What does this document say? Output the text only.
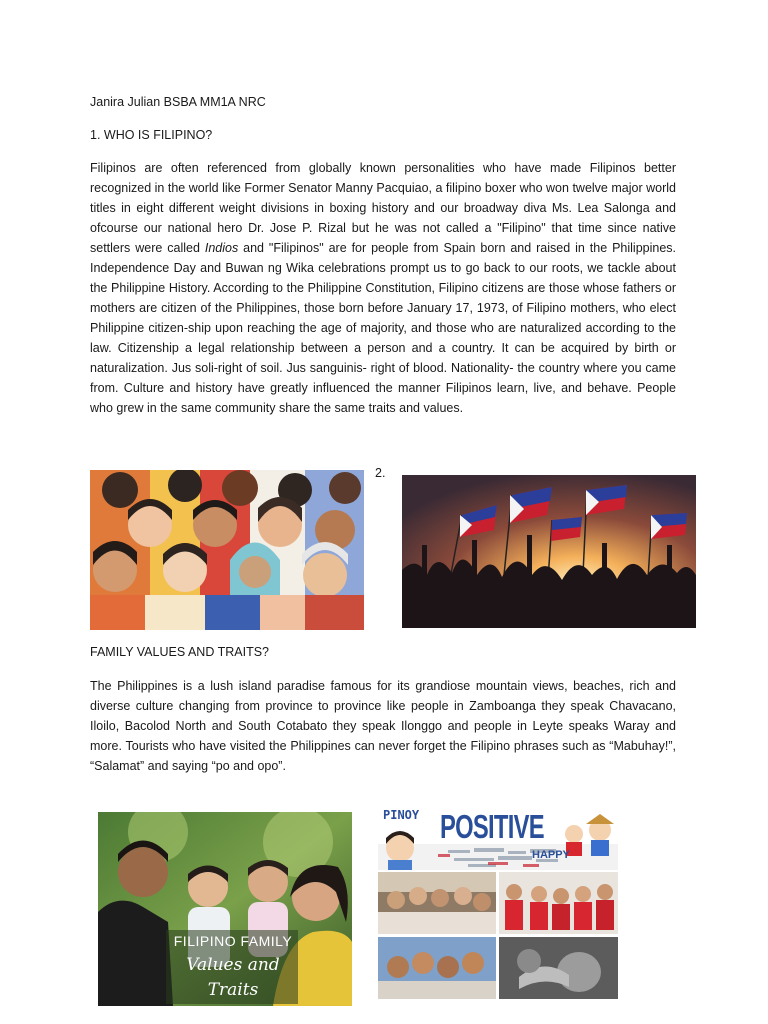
Janira Julian BSBA MM1A NRC
1. WHO IS FILIPINO?
Filipinos are often referenced from globally known personalities who have made Filipinos better recognized in the world like Former Senator Manny Pacquiao, a filipino boxer who won twelve major world titles in eight different weight divisions in boxing history and our broadway diva Ms. Lea Salonga and ofcourse our national hero Dr. Jose P. Rizal but he was not called a "Filipino" that time since native settlers were called Indios and "Filipinos" are for people from Spain born and raised in the Philippines. Independence Day and Buwan ng Wika celebrations prompt us to go back to our roots, we tackle about the Philippine History. According to the Philippine Constitution, Filipino citizens are those whose fathers or mothers are citizen of the Philippines, those born before January 17, 1973, of Filipino mothers, who elect Philippine citizen-ship upon reaching the age of majority, and those who are naturalized according to the law. Citizenship a legal relationship between a person and a country. It can be acquired by birth or naturalization. Jus soli-right of soil. Jus sanguinis- right of blood. Nationality- the country where you came from. Culture and history have greatly influenced the manner Filipinos learn, live, and behave. People who grew in the same community share the same traits and values.
2.
FAMILY VALUES AND TRAITS?
The Philippines is a lush island paradise famous for its grandiose mountain views, beaches, rich and diverse culture changing from province to province like people in Zamboanga they speak Chavacano, Iloilo, Bacolod North and South Cotabato they speak Ilonggo and people in Leyte speaks Waray and more. Tourists who have visited the Philippines can never forget the Filipino phrases such as “Mabuhay!”, “Salamat” and saying “po and opo”.
FILIPINO FAMILY
Values and
Traits
PINOY POSITIVE
HAPPY
